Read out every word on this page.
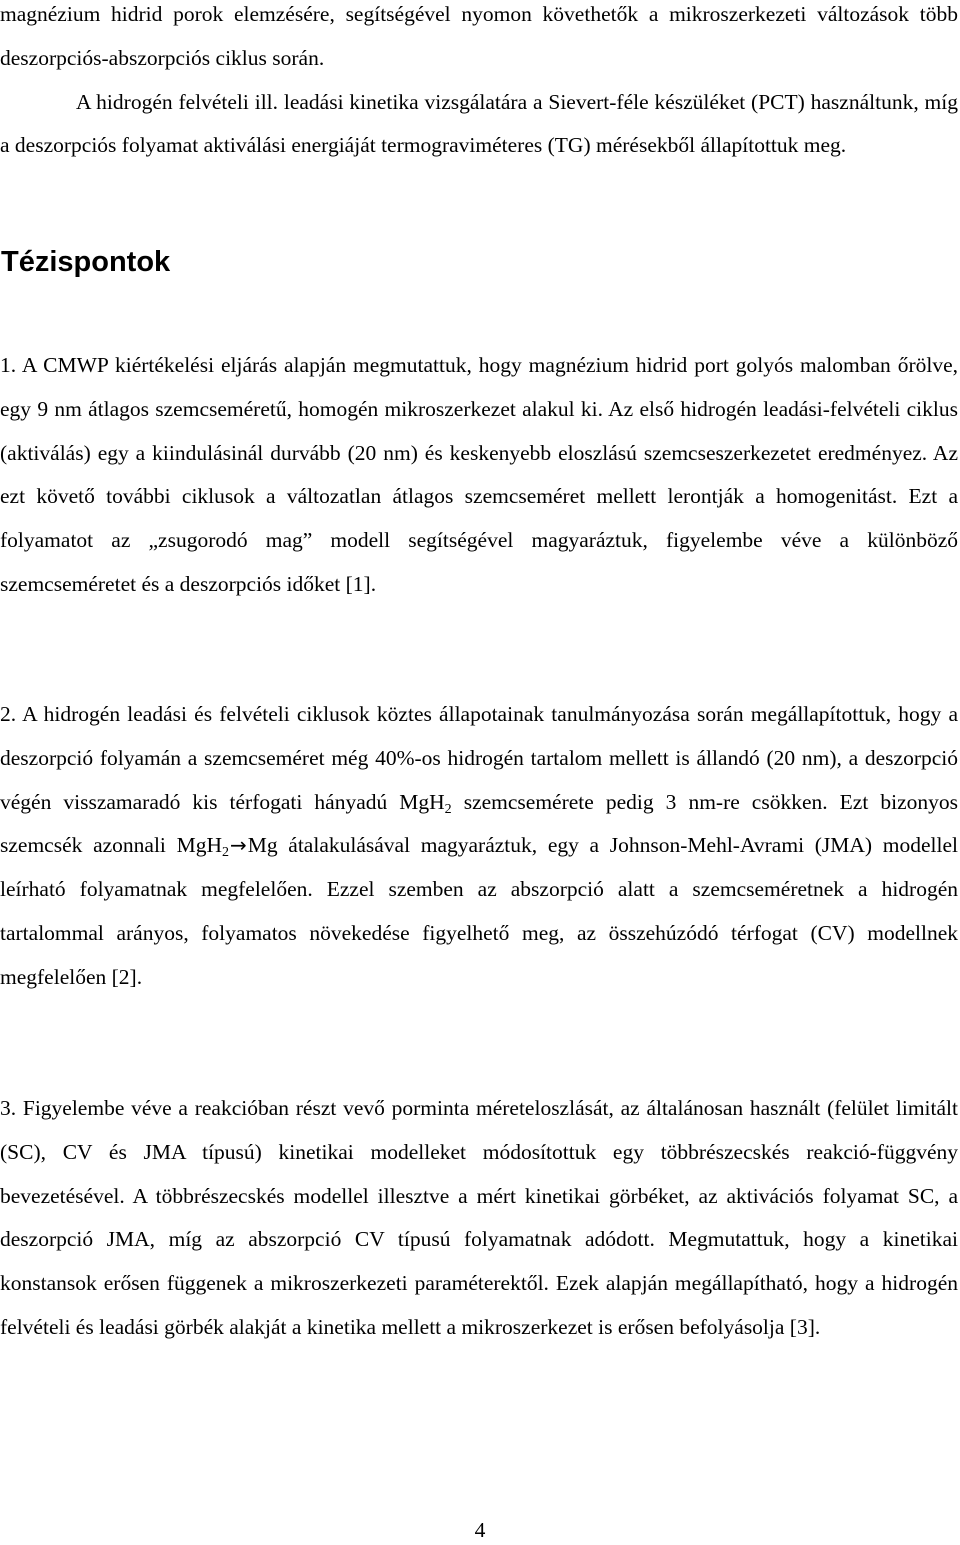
magnézium hidrid porok elemzésére, segítségével nyomon követhetők a mikroszerkezeti változások több deszorpciós-abszorpciós ciklus során.

A hidrogén felvételi ill. leadási kinetika vizsgálatára a Sievert-féle készüléket (PCT) használtunk, míg a deszorpciós folyamat aktiválási energiáját termograviméteres (TG) mérésekből állapítottuk meg.

Tézispontok

1. A CMWP kiértékelési eljárás alapján megmutattuk, hogy magnézium hidrid port golyós malomban őrölve, egy 9 nm átlagos szemcseméretű, homogén mikroszerkezet alakul ki. Az első hidrogén leadási-felvételi ciklus (aktiválás) egy a kiindulásinál durvább (20 nm) és keskenyebb eloszlású szemcseszerkezetet eredményez. Az ezt követő további ciklusok a változatlan átlagos szemcseméret mellett lerontják a homogenitást. Ezt a folyamatot az „zsugorodó mag” modell segítségével magyaráztuk, figyelembe véve a különböző szemcseméretet és a deszorpciós időket [1].

2. A hidrogén leadási és felvételi ciklusok köztes állapotainak tanulmányozása során megállapítottuk, hogy a deszorpció folyamán a szemcseméret még 40%-os hidrogén tartalom mellett is állandó (20 nm), a deszorpció végén visszamaradó kis térfogati hányadú MgH$_2$ szemcsemérete pedig 3 nm-re csökken. Ezt bizonyos szemcsék azonnali MgH$_2$→Mg átalakulásával magyaráztuk, egy a Johnson-Mehl-Avrami (JMA) modellel leírható folyamatnak megfelelően. Ezzel szemben az abszorpció alatt a szemcseméretnek a hidrogén tartalommal arányos, folyamatos növekedése figyelhető meg, az összehúzódó térfogat (CV) modellnek megfelelően [2].

3. Figyelembe véve a reakcióban részt vevő porminta méreteloszlását, az általánosan használt (felület limitált (SC), CV és JMA típusú) kinetikai modelleket módosítottuk egy többrészecskés reakció-függvény bevezetésével. A többrészecskés modellel illesztve a mért kinetikai görbéket, az aktivációs folyamat SC, a deszorpció JMA, míg az abszorpció CV típusú folyamatnak adódott. Megmutattuk, hogy a kinetikai konstansok erősen függenek a mikroszerkezeti paraméterektől. Ezek alapján megállapítható, hogy a hidrogén felvételi és leadási görbék alakját a kinetika mellett a mikroszerkezet is erősen befolyásolja [3].

4
